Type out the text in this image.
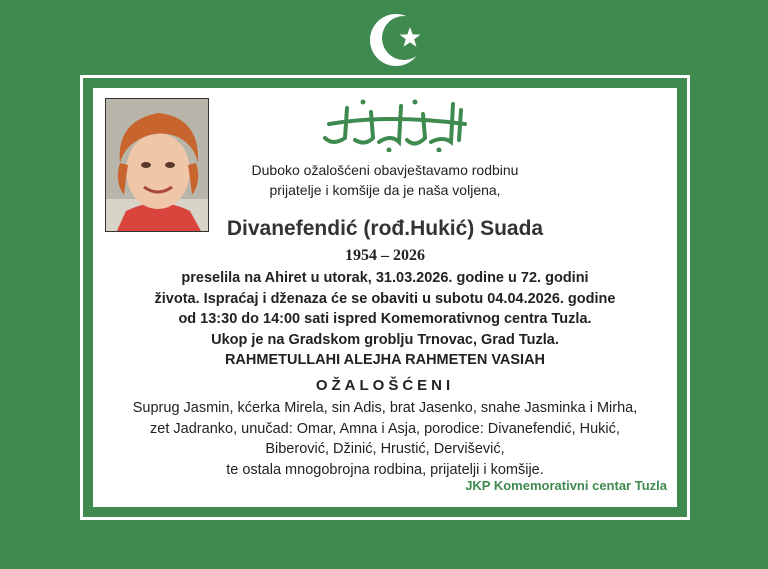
Duboko ožalošćeni obavještavamo rodbinu
prijatelje i komšije da je naša voljena,
Divanefendić (rođ.Hukić) Suada
1954 – 2026
preselila na Ahiret u utorak, 31.03.2026. godine u 72. godini
života. Ispraćaj i dženaza će se obaviti u subotu 04.04.2026. godine
od 13:30 do 14:00 sati ispred Komemorativnog centra Tuzla.
Ukop je na Gradskom groblju Trnovac, Grad Tuzla.
RAHMETULLAHI ALEJHA RAHMETEN VASIAH
OŽALOŠĆENI
Suprug Jasmin, kćerka Mirela, sin Adis, brat Jasenko, snahe Jasminka i Mirha,
zet Jadranko, unučad: Omar, Amna i Asja, porodice: Divanefendić, Hukić,
Biberović, Džinić, Hrustić, Dervišević,
te ostala mnogobrojna rodbina, prijatelji i komšije.
JKP Komemorativni centar Tuzla
